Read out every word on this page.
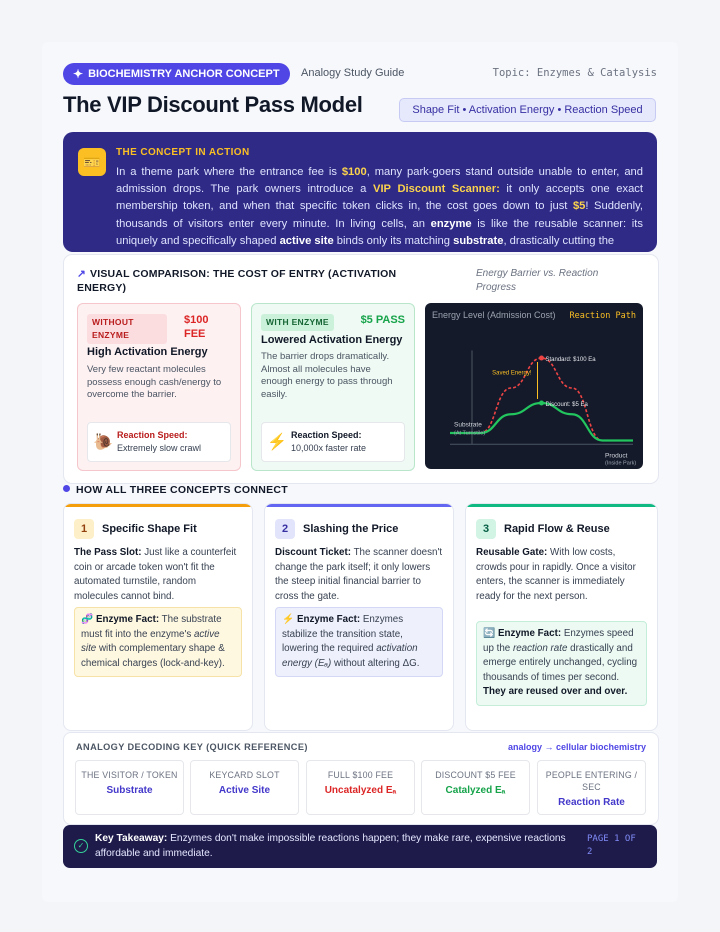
✦ BIOCHEMISTRY ANCHOR CONCEPT Analogy Study Guide	Topic: Enzymes & Catalysis
The VIP Discount Pass Model	Shape Fit • Activation Energy • Reaction Speed
🎫
THE CONCEPT IN ACTION
In a theme park where the entrance fee is $100, many park-goers stand outside unable to enter, and admission drops. The park owners introduce a VIP Discount Scanner: it only accepts one exact membership token, and when that specific token clicks in, the cost goes down to just $5! Suddenly, thousands of visitors enter every minute. In living cells, an enzyme is like the reusable scanner: its uniquely and specifically shaped active site binds only its matching substrate, drastically cutting the
↗ VISUAL COMPARISON: THE COST OF ENTRY (ACTIVATION ENERGY)
Energy Barrier vs. Reaction Progress
WITHOUT ENZYME
$100 FEE
High Activation Energy
Very few reactant molecules possess enough cash/energy to overcome the barrier.
🐌 Reaction Speed:
Extremely slow crawl
WITH ENZYME	$5 PASS
Lowered Activation Energy
The barrier drops dramatically. Almost all molecules have enough energy to pass through easily.
⚡ Reaction Speed:
10,000x faster rate
Energy Level (Admission Cost) Reaction Path
Standard: $100 Ea
Discount: $5 Ea
Saved Energy!
Substrate
(At Turnstile)
Product
(Inside Park)
HOW ALL THREE CONCEPTS CONNECT
1	Specific Shape Fit
The Pass Slot: Just like a counterfeit coin or arcade token won't fit the automated turnstile, random molecules cannot bind.
🧬 Enzyme Fact: The substrate must fit into the enzyme's active site with complementary shape & chemical charges (lock-and-key).
2	Slashing the Price
Discount Ticket: The scanner doesn't change the park itself; it only lowers the steep initial financial barrier to cross the gate.
⚡ Enzyme Fact: Enzymes stabilize the transition state, lowering the required activation energy (Eₐ) without altering ΔG.
3	Rapid Flow & Reuse
Reusable Gate: With low costs, crowds pour in rapidly. Once a visitor enters, the scanner is immediately ready for the next person.
🔄 Enzyme Fact: Enzymes speed up the reaction rate drastically and emerge entirely unchanged, cycling thousands of times per second. They are reused over and over.
ANALOGY DECODING KEY (QUICK REFERENCE)	analogy → cellular biochemistry
THE VISITOR / TOKEN
Substrate
KEYCARD SLOT
Active Site
FULL $100 FEE
Uncatalyzed Eₐ
DISCOUNT $5 FEE
Catalyzed Eₐ
PEOPLE ENTERING / SEC
Reaction Rate
✓
Key Takeaway: Enzymes don't make impossible reactions happen; they make rare, expensive reactions affordable and immediate.
PAGE 1 OF 2
